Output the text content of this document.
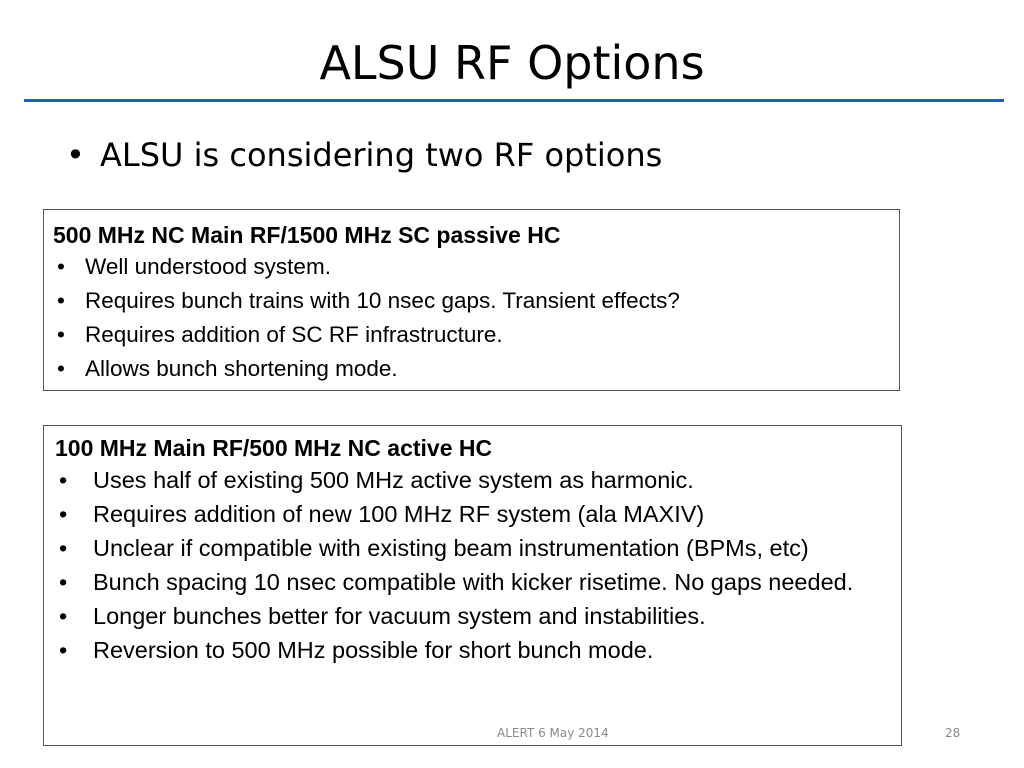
ALSU RF Options
• ALSU is considering two RF options
500 MHz NC Main RF/1500 MHz SC passive HC
• Well understood system.
• Requires bunch trains with 10 nsec gaps. Transient effects?
• Requires addition of SC RF infrastructure.
• Allows bunch shortening mode.
100 MHz Main RF/500 MHz NC active HC
• Uses half of existing 500 MHz active system as harmonic.
• Requires addition of new 100 MHz RF system (ala MAXIV)
• Unclear if compatible with existing beam instrumentation (BPMs, etc)
• Bunch spacing 10 nsec compatible with kicker risetime. No gaps needed.
• Longer bunches better for vacuum system and instabilities.
• Reversion to 500 MHz possible for short bunch mode.
ALERT 6 May 2014	28
